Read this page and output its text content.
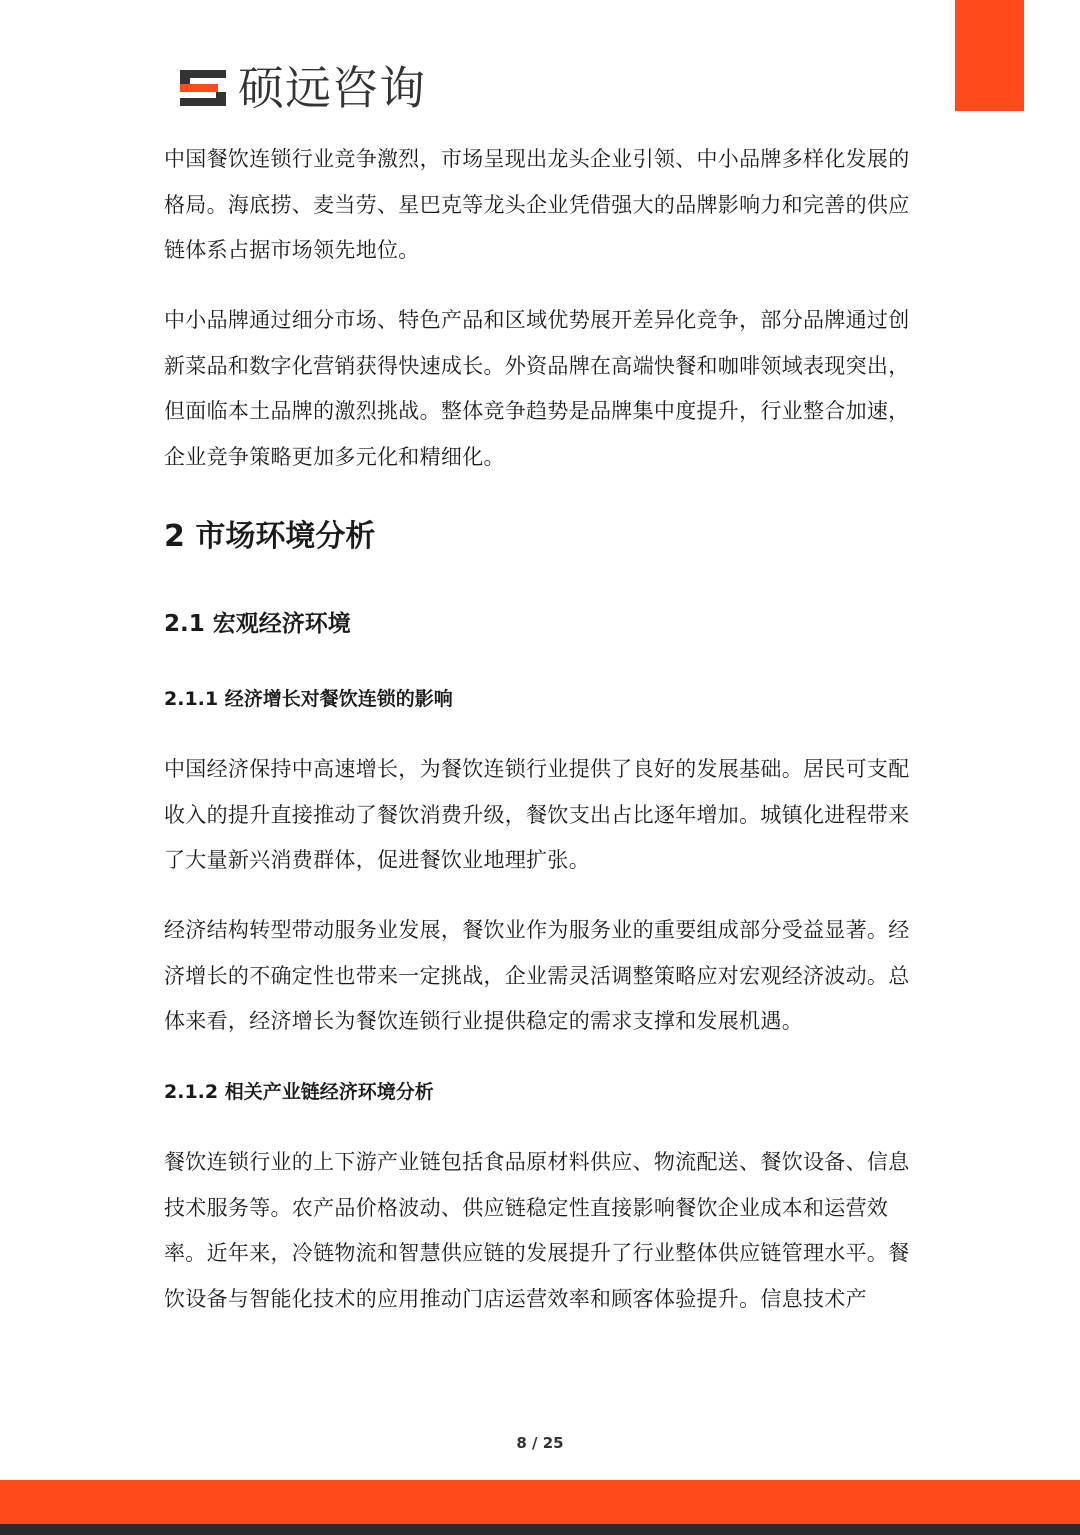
硕远咨询

中国餐饮连锁行业竞争激烈，市场呈现出龙头企业引领、中小品牌多样化发展的格局。海底捞、麦当劳、星巴克等龙头企业凭借强大的品牌影响力和完善的供应链体系占据市场领先地位。

中小品牌通过细分市场、特色产品和区域优势展开差异化竞争，部分品牌通过创新菜品和数字化营销获得快速成长。外资品牌在高端快餐和咖啡领域表现突出，但面临本土品牌的激烈挑战。整体竞争趋势是品牌集中度提升，行业整合加速，企业竞争策略更加多元化和精细化。

2 市场环境分析
2.1 宏观经济环境
2.1.1 经济增长对餐饮连锁的影响

中国经济保持中高速增长，为餐饮连锁行业提供了良好的发展基础。居民可支配收入的提升直接推动了餐饮消费升级，餐饮支出占比逐年增加。城镇化进程带来了大量新兴消费群体，促进餐饮业地理扩张。

经济结构转型带动服务业发展，餐饮业作为服务业的重要组成部分受益显著。经济增长的不确定性也带来一定挑战，企业需灵活调整策略应对宏观经济波动。总体来看，经济增长为餐饮连锁行业提供稳定的需求支撑和发展机遇。

2.1.2 相关产业链经济环境分析

餐饮连锁行业的上下游产业链包括食品原材料供应、物流配送、餐饮设备、信息技术服务等。农产品价格波动、供应链稳定性直接影响餐饮企业成本和运营效率。近年来，冷链物流和智慧供应链的发展提升了行业整体供应链管理水平。餐饮设备与智能化技术的应用推动门店运营效率和顾客体验提升。信息技术产

8 / 25
